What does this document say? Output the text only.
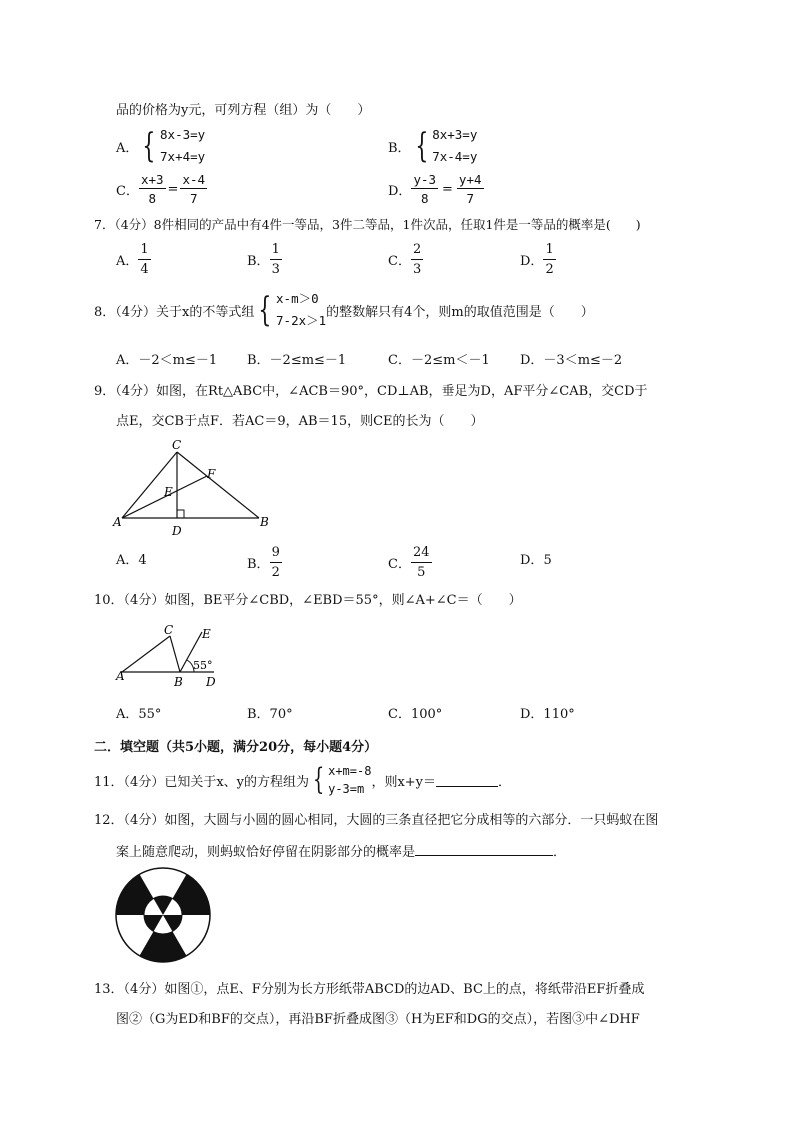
品的价格为y元，可列方程（组）为（　　）
A． { 8x-3=y
7x+4=y
B． { 8x+3=y
7x-4=y
C． $\frac{x+3}{8} = \frac{x-4}{7}$	D． $\frac{y-3}{8} = \frac{y+4}{7}$
7．（4分）8件相同的产品中有4件一等品，3件二等品，1件次品，任取1件是一等品的概率是(　　)
A． $\frac{1}{4}$	B． $\frac{1}{3}$	C． $\frac{2}{3}$	D． $\frac{1}{2}$
8．（4分）关于x的不等式组 { x-m＞0
7-2x＞1
的整数解只有4个，则m的取值范围是（　　）
A．－2＜m≤－1 B．－2≤m≤－1	C．－2≤m＜－1 D．－3＜m≤－2
9．（4分）如图，在Rt△ABC中，∠ACB＝90°，CD⊥AB，垂足为D，AF平分∠CAB，交CD于
点E，交CB于点F．若AC＝9，AB＝15，则CE的长为（　　）
A	B
C
D
E
F
A．4	B． $\frac{9}{2}$	C． $\frac{24}{5}$	D．5
10．（4分）如图，BE平分∠CBD，∠EBD＝55°，则∠A+∠C＝（　　）
A	B
C
D
E
55°
A．55°	B．70°	C．100°	D．110°
二．填空题（共5小题，满分20分，每小题4分）
11．（4分）已知关于x、y的方程组为 { x+m=-8
y-3=m ，则x+y＝	．
12．（4分）如图，大圆与小圆的圆心相同，大圆的三条直径把它分成相等的六部分．一只蚂蚁在图
案上随意爬动，则蚂蚁恰好停留在阴影部分的概率是	．
13．（4分）如图①，点E、F分别为长方形纸带ABCD的边AD、BC上的点，将纸带沿EF折叠成
图②（G为ED和BF的交点），再沿BF折叠成图③（H为EF和DG的交点），若图③中∠DHF
